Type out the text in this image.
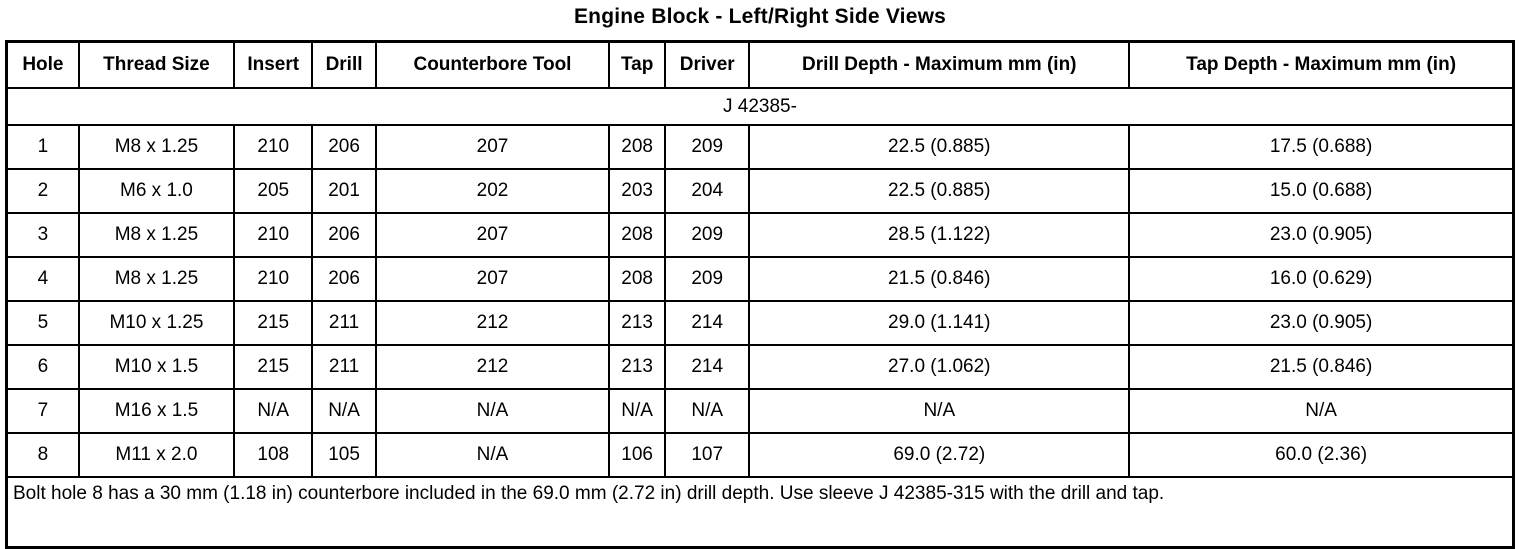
Engine Block - Left/Right Side Views
Hole	Thread Size	Insert	Drill	Counterbore Tool	Tap	Driver	Drill Depth - Maximum mm (in)	Tap Depth - Maximum mm (in)
J 42385-								
1	M8 x 1.25	210	206	207	208	209	22.5 (0.885)	17.5 (0.688)
2	M6 x 1.0	205	201	202	203	204	22.5 (0.885)	15.0 (0.688)
3	M8 x 1.25	210	206	207	208	209	28.5 (1.122)	23.0 (0.905)
4	M8 x 1.25	210	206	207	208	209	21.5 (0.846)	16.0 (0.629)
5	M10 x 1.25	215	211	212	213	214	29.0 (1.141)	23.0 (0.905)
6	M10 x 1.5	215	211	212	213	214	27.0 (1.062)	21.5 (0.846)
7	M16 x 1.5	N/A	N/A	N/A	N/A	N/A	N/A	N/A
8	M11 x 2.0	108	105	N/A	106	107	69.0 (2.72)	60.0 (2.36)
Bolt hole 8 has a 30 mm (1.18 in) counterbore included in the 69.0 mm (2.72 in) drill depth. Use sleeve J 42385-315 with the drill and tap.								
